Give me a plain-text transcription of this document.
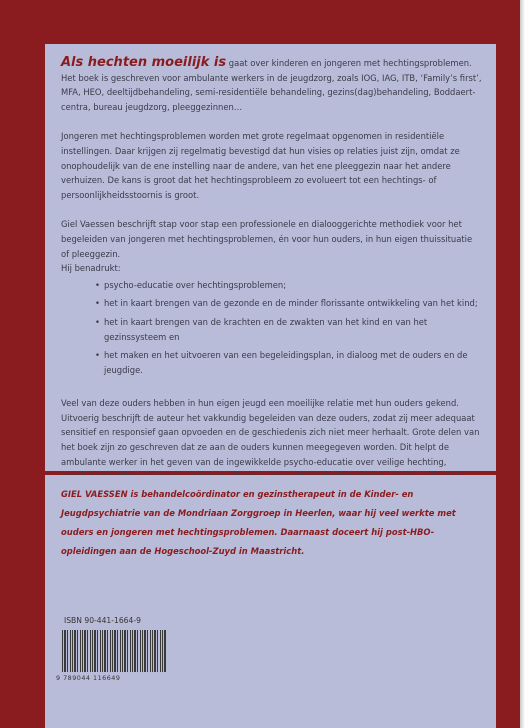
Als hechten moeilijk is gaat over kinderen en jongeren met hechtingsproblemen. Het boek is geschreven voor ambulante werkers in de jeugdzorg, zoals IOG, IAG, ITB, ‘Family’s first’, MFA, HEO, deeltijdbehandeling, semi-residentiële behandeling, gezins(dag)behandeling, Boddaert-centra, bureau jeugdzorg, pleeggezinnen…

Jongeren met hechtingsproblemen worden met grote regelmaat opgenomen in residentiële instellingen. Daar krijgen zij regelmatig bevestigd dat hun visies op relaties juist zijn, omdat ze onophoudelijk van de ene instelling naar de andere, van het ene pleeggezin naar het andere verhuizen. De kans is groot dat het hechtingsprobleem zo evolueert tot een hechtings- of persoonlijkheidsstoornis is groot.

Giel Vaessen beschrijft stap voor stap een professionele en dialooggerichte methodiek voor het begeleiden van jongeren met hechtingsproblemen, én voor hun ouders, in hun eigen thuissituatie of pleeggezin.

Hij benadrukt:

• psycho-educatie over hechtingsproblemen;
• het in kaart brengen van de gezonde en de minder florissante ontwikkeling van het kind;
• het in kaart brengen van de krachten en de zwakten van het kind en van het gezinssysteem en
• het maken en het uitvoeren van een begeleidingsplan, in dialoog met de ouders en de jeugdige.

Veel van deze ouders hebben in hun eigen jeugd een moeilijke relatie met hun ouders gekend. Uitvoerig beschrijft de auteur het vakkundig begeleiden van deze ouders, zodat zij meer adequaat sensitief en responsief gaan opvoeden en de geschiedenis zich niet meer herhaalt. Grote delen van het boek zijn zo geschreven dat ze aan de ouders kunnen meegegeven worden. Dit helpt de ambulante werker in het geven van de ingewikkelde psycho-educatie over veilige hechting,

GIEL VAESSEN is behandelcoördinator en gezinstherapeut in de Kinder- en Jeugdpsychiatrie van de Mondriaan Zorggroep in Heerlen, waar hij veel werkte met ouders en jongeren met hechtingsproblemen. Daarnaast doceert hij post-HBO-opleidingen aan de Hogeschool-Zuyd in Maastricht.

ISBN 90-441-1664-9
9 789044 116649
